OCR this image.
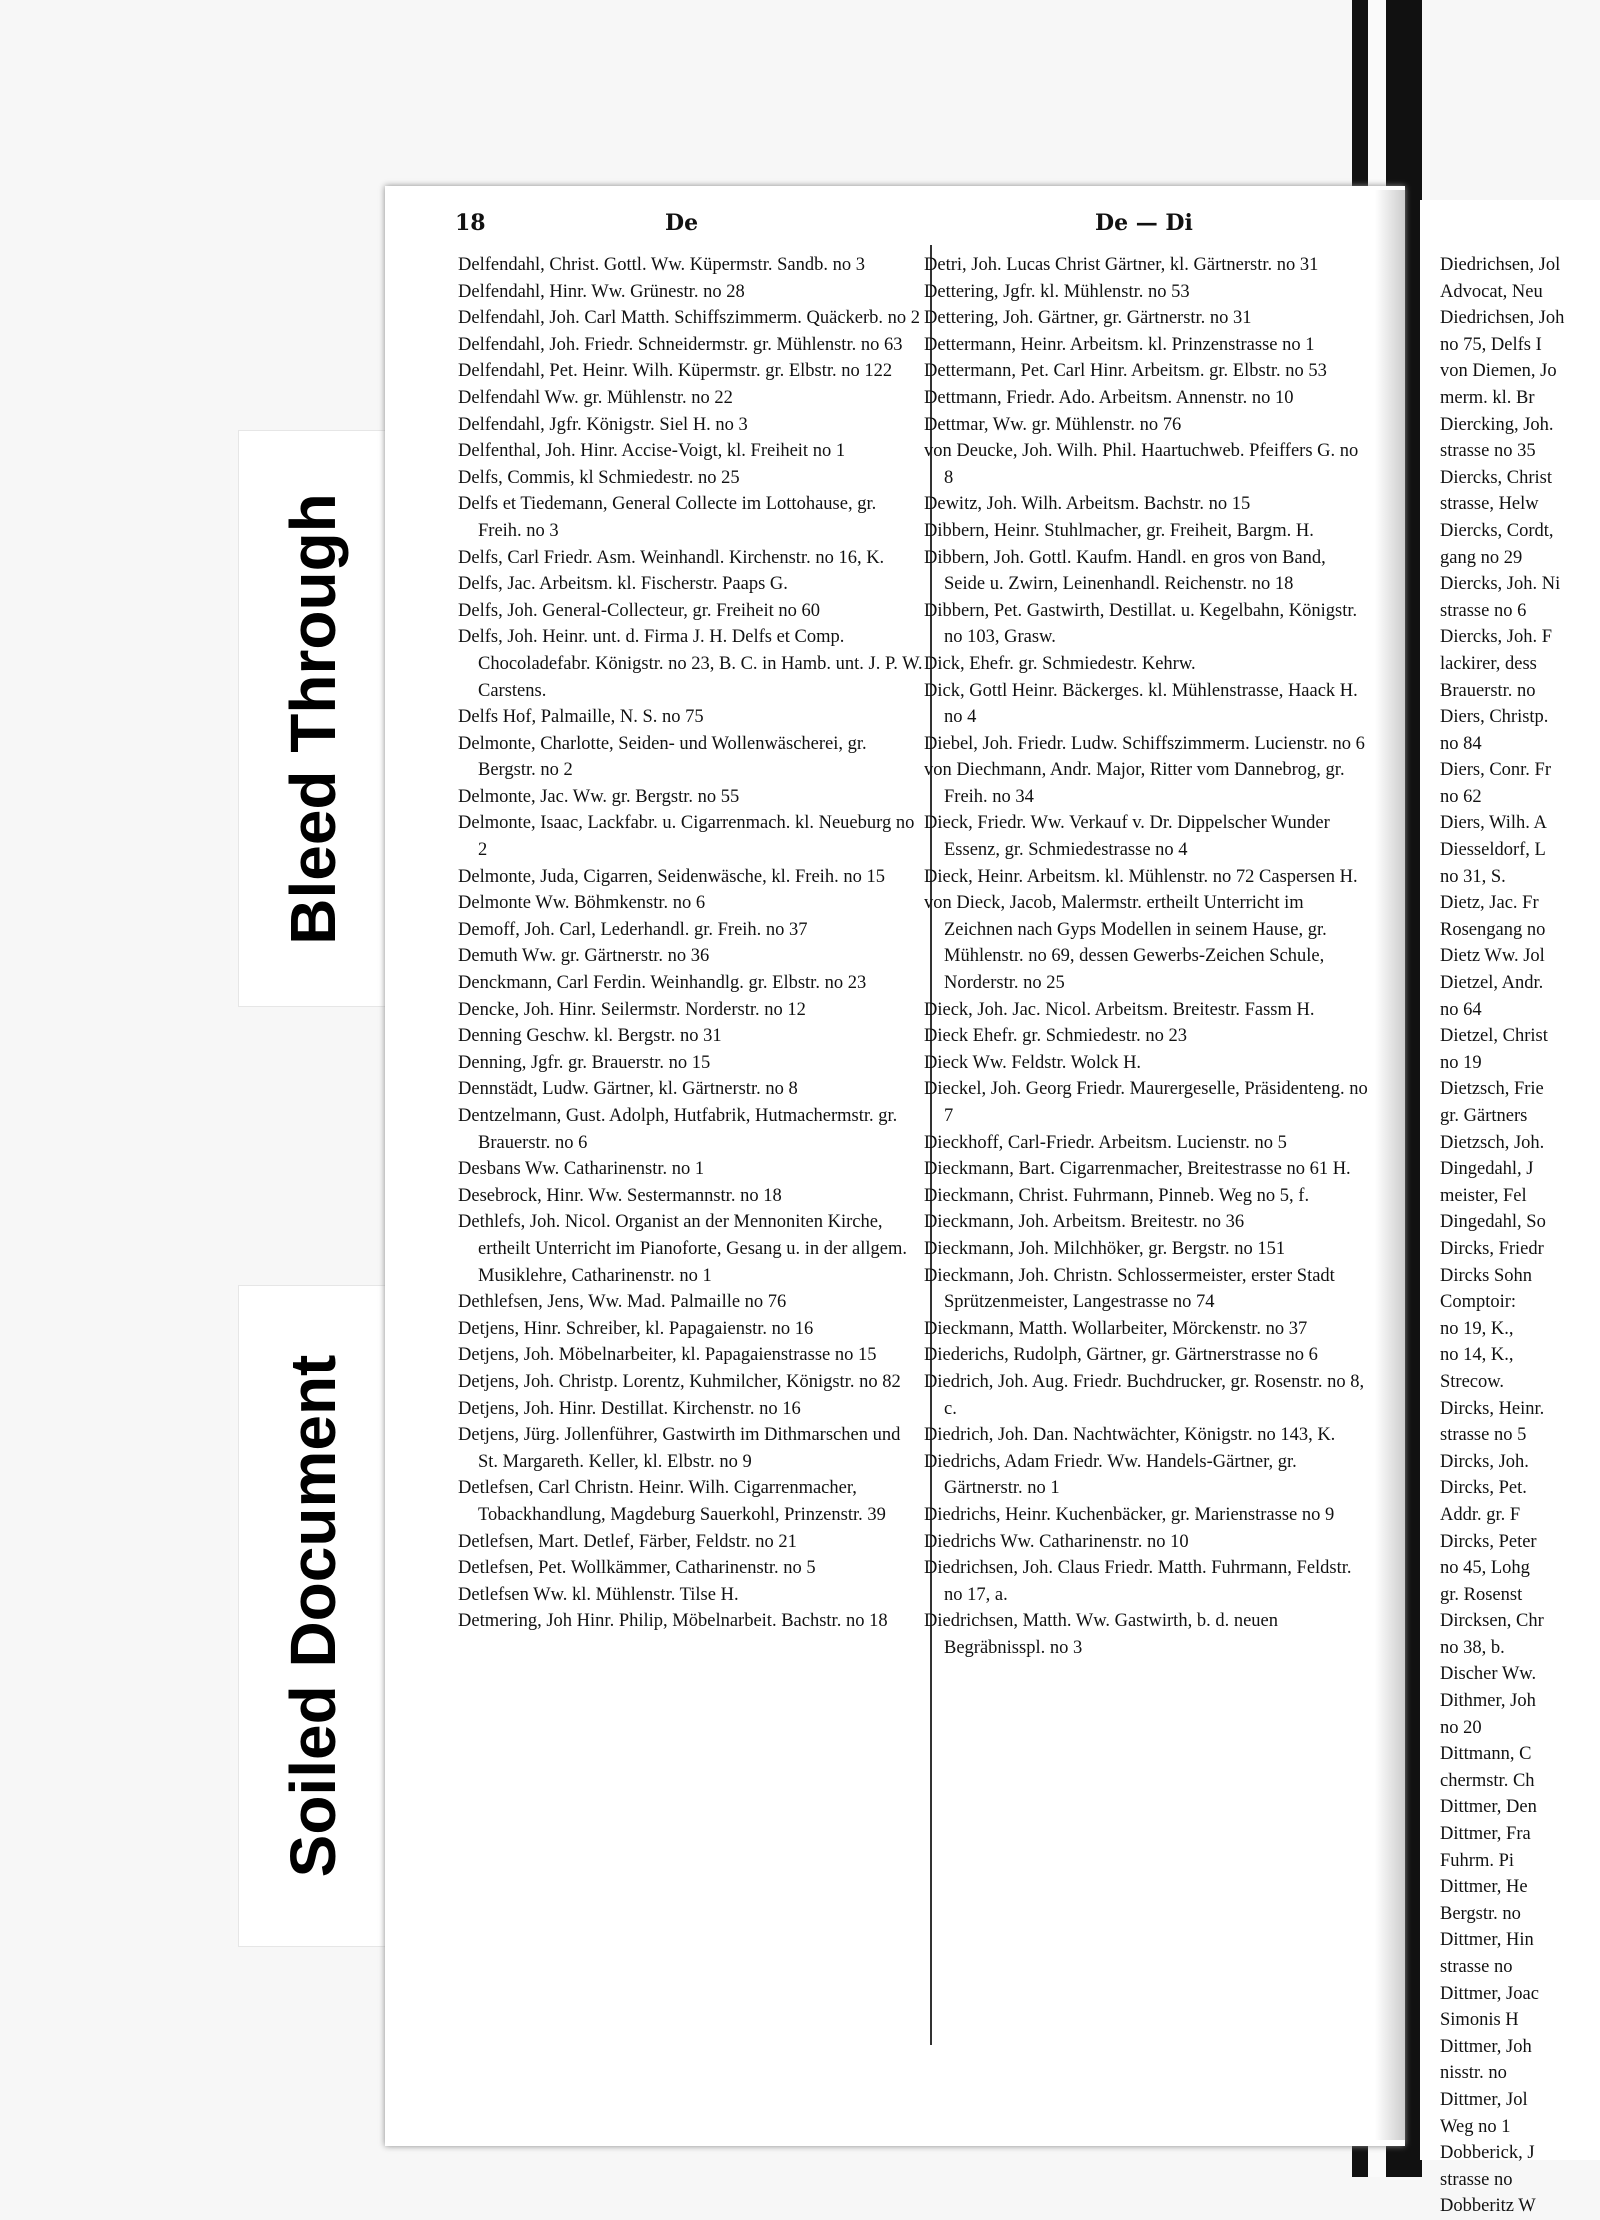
Bleed Through
Soiled Document
18	De	De — Di

Delfendahl, Christ. Gottl. Ww. Küpermstr. Sandb. no 3

Delfendahl, Hinr. Ww. Grünestr. no 28

Delfendahl, Joh. Carl Matth. Schiffszimmerm. Quäckerb. no 2

Delfendahl, Joh. Friedr. Schneidermstr. gr. Mühlenstr. no 63

Delfendahl, Pet. Heinr. Wilh. Küpermstr. gr. Elbstr. no 122

Delfendahl Ww. gr. Mühlenstr. no 22

Delfendahl, Jgfr. Königstr. Siel H. no 3

Delfenthal, Joh. Hinr. Accise-Voigt, kl. Freiheit no 1

Delfs, Commis, kl Schmiedestr. no 25

Delfs et Tiedemann, General Collecte im Lottohause, gr. Freih. no 3

Delfs, Carl Friedr. Asm. Weinhandl. Kirchenstr. no 16, K.

Delfs, Jac. Arbeitsm. kl. Fischerstr. Paaps G.

Delfs, Joh. General-Collecteur, gr. Freiheit no 60

Delfs, Joh. Heinr. unt. d. Firma J. H. Delfs et Comp. Chocoladefabr. Königstr. no 23, B. C. in Hamb. unt. J. P. W. Carstens.

Delfs Hof, Palmaille, N. S. no 75

Delmonte, Charlotte, Seiden- und Wollenwäscherei, gr. Bergstr. no 2

Delmonte, Jac. Ww. gr. Bergstr. no 55

Delmonte, Isaac, Lackfabr. u. Cigarrenmach. kl. Neueburg no 2

Delmonte, Juda, Cigarren, Seidenwäsche, kl. Freih. no 15

Delmonte Ww. Böhmkenstr. no 6

Demoff, Joh. Carl, Lederhandl. gr. Freih. no 37

Demuth Ww. gr. Gärtnerstr. no 36

Denckmann, Carl Ferdin. Weinhandlg. gr. Elbstr. no 23

Dencke, Joh. Hinr. Seilermstr. Norderstr. no 12

Denning Geschw. kl. Bergstr. no 31

Denning, Jgfr. gr. Brauerstr. no 15

Dennstädt, Ludw. Gärtner, kl. Gärtnerstr. no 8

Dentzelmann, Gust. Adolph, Hutfabrik, Hutmachermstr. gr. Brauerstr. no 6

Desbans Ww. Catharinenstr. no 1

Desebrock, Hinr. Ww. Sestermannstr. no 18

Dethlefs, Joh. Nicol. Organist an der Mennoniten Kirche, ertheilt Unterricht im Pianoforte, Gesang u. in der allgem. Musiklehre, Catharinenstr. no 1

Dethlefsen, Jens, Ww. Mad. Palmaille no 76

Detjens, Hinr. Schreiber, kl. Papagaienstr. no 16

Detjens, Joh. Möbelnarbeiter, kl. Papagaienstrasse no 15

Detjens, Joh. Christp. Lorentz, Kuhmilcher, Königstr. no 82

Detjens, Joh. Hinr. Destillat. Kirchenstr. no 16

Detjens, Jürg. Jollenführer, Gastwirth im Dithmarschen und St. Margareth. Keller, kl. Elbstr. no 9

Detlefsen, Carl Christn. Heinr. Wilh. Cigarrenmacher, Tobackhandlung, Magdeburg Sauerkohl, Prinzenstr. 39

Detlefsen, Mart. Detlef, Färber, Feldstr. no 21

Detlefsen, Pet. Wollkämmer, Catharinenstr. no 5

Detlefsen Ww. kl. Mühlenstr. Tilse H.

Detmering, Joh Hinr. Philip, Möbelnarbeit. Bachstr. no 18

Detri, Joh. Lucas Christ Gärtner, kl. Gärtnerstr. no 31

Dettering, Jgfr. kl. Mühlenstr. no 53

Dettering, Joh. Gärtner, gr. Gärtnerstr. no 31

Dettermann, Heinr. Arbeitsm. kl. Prinzenstrasse no 1

Dettermann, Pet. Carl Hinr. Arbeitsm. gr. Elbstr. no 53

Dettmann, Friedr. Ado. Arbeitsm. Annenstr. no 10

Dettmar, Ww. gr. Mühlenstr. no 76

von Deucke, Joh. Wilh. Phil. Haartuchweb. Pfeiffers G. no 8

Dewitz, Joh. Wilh. Arbeitsm. Bachstr. no 15

Dibbern, Heinr. Stuhlmacher, gr. Freiheit, Bargm. H.

Dibbern, Joh. Gottl. Kaufm. Handl. en gros von Band, Seide u. Zwirn, Leinenhandl. Reichenstr. no 18

Dibbern, Pet. Gastwirth, Destillat. u. Kegelbahn, Königstr. no 103, Grasw.

Dick, Ehefr. gr. Schmiedestr. Kehrw.

Dick, Gottl Heinr. Bäckerges. kl. Mühlenstrasse, Haack H. no 4

Diebel, Joh. Friedr. Ludw. Schiffszimmerm. Lucienstr. no 6

von Diechmann, Andr. Major, Ritter vom Dannebrog, gr. Freih. no 34

Dieck, Friedr. Ww. Verkauf v. Dr. Dippelscher Wunder Essenz, gr. Schmiedestrasse no 4

Dieck, Heinr. Arbeitsm. kl. Mühlenstr. no 72 Caspersen H.

von Dieck, Jacob, Malermstr. ertheilt Unterricht im Zeichnen nach Gyps Modellen in seinem Hause, gr. Mühlenstr. no 69, dessen Gewerbs-Zeichen Schule, Norderstr. no 25

Dieck, Joh. Jac. Nicol. Arbeitsm. Breitestr. Fassm H.

Dieck Ehefr. gr. Schmiedestr. no 23

Dieck Ww. Feldstr. Wolck H.

Dieckel, Joh. Georg Friedr. Maurergeselle, Präsidenteng. no 7

Dieckhoff, Carl-Friedr. Arbeitsm. Lucienstr. no 5

Dieckmann, Bart. Cigarrenmacher, Breitestrasse no 61 H.

Dieckmann, Christ. Fuhrmann, Pinneb. Weg no 5, f.

Dieckmann, Joh. Arbeitsm. Breitestr. no 36

Dieckmann, Joh. Milchhöker, gr. Bergstr. no 151

Dieckmann, Joh. Christn. Schlossermeister, erster Stadt Sprützenmeister, Langestrasse no 74

Dieckmann, Matth. Wollarbeiter, Mörckenstr. no 37

Diederichs, Rudolph, Gärtner, gr. Gärtnerstrasse no 6

Diedrich, Joh. Aug. Friedr. Buchdrucker, gr. Rosenstr. no 8, c.

Diedrich, Joh. Dan. Nachtwächter, Königstr. no 143, K.

Diedrichs, Adam Friedr. Ww. Handels-Gärtner, gr. Gärtnerstr. no 1

Diedrichs, Heinr. Kuchenbäcker, gr. Marienstrasse no 9

Diedrichs Ww. Catharinenstr. no 10

Diedrichsen, Joh. Claus Friedr. Matth. Fuhrmann, Feldstr. no 17, a.

Diedrichsen, Matth. Ww. Gastwirth, b. d. neuen Begräbnisspl. no 3

Diedrichsen, Jol

Advocat, Neu

Diedrichsen, Joh

no 75, Delfs I

von Diemen, Jo

merm. kl. Br

Diercking, Joh.

strasse no 35

Diercks, Christ

strasse, Helw

Diercks, Cordt,

gang no 29

Diercks, Joh. Ni

strasse no 6

Diercks, Joh. F

lackirer, dess

Brauerstr. no

Diers, Christp.

no 84

Diers, Conr. Fr

no 62

Diers, Wilh. A

Diesseldorf, L

no 31, S.

Dietz, Jac. Fr

Rosengang no

Dietz Ww. Jol

Dietzel, Andr.

no 64

Dietzel, Christ

no 19

Dietzsch, Frie

gr. Gärtners

Dietzsch, Joh.

Dingedahl, J

meister, Fel

Dingedahl, So

Dircks, Friedr

Dircks Sohn

Comptoir:

no 19, K.,

no 14, K.,

Strecow.

Dircks, Heinr.

strasse no 5

Dircks, Joh.

Dircks, Pet.

Addr. gr. F

Dircks, Peter

no 45, Lohg

gr. Rosenst

Dircksen, Chr

no 38, b.

Discher Ww.

Dithmer, Joh

no 20

Dittmann, C

chermstr. Ch

Dittmer, Den

Dittmer, Fra

Fuhrm. Pi

Dittmer, He

Bergstr. no

Dittmer, Hin

strasse no

Dittmer, Joac

Simonis H

Dittmer, Joh

nisstr. no

Dittmer, Jol

Weg no 1

Dobberick, J

strasse no

Dobberitz W
